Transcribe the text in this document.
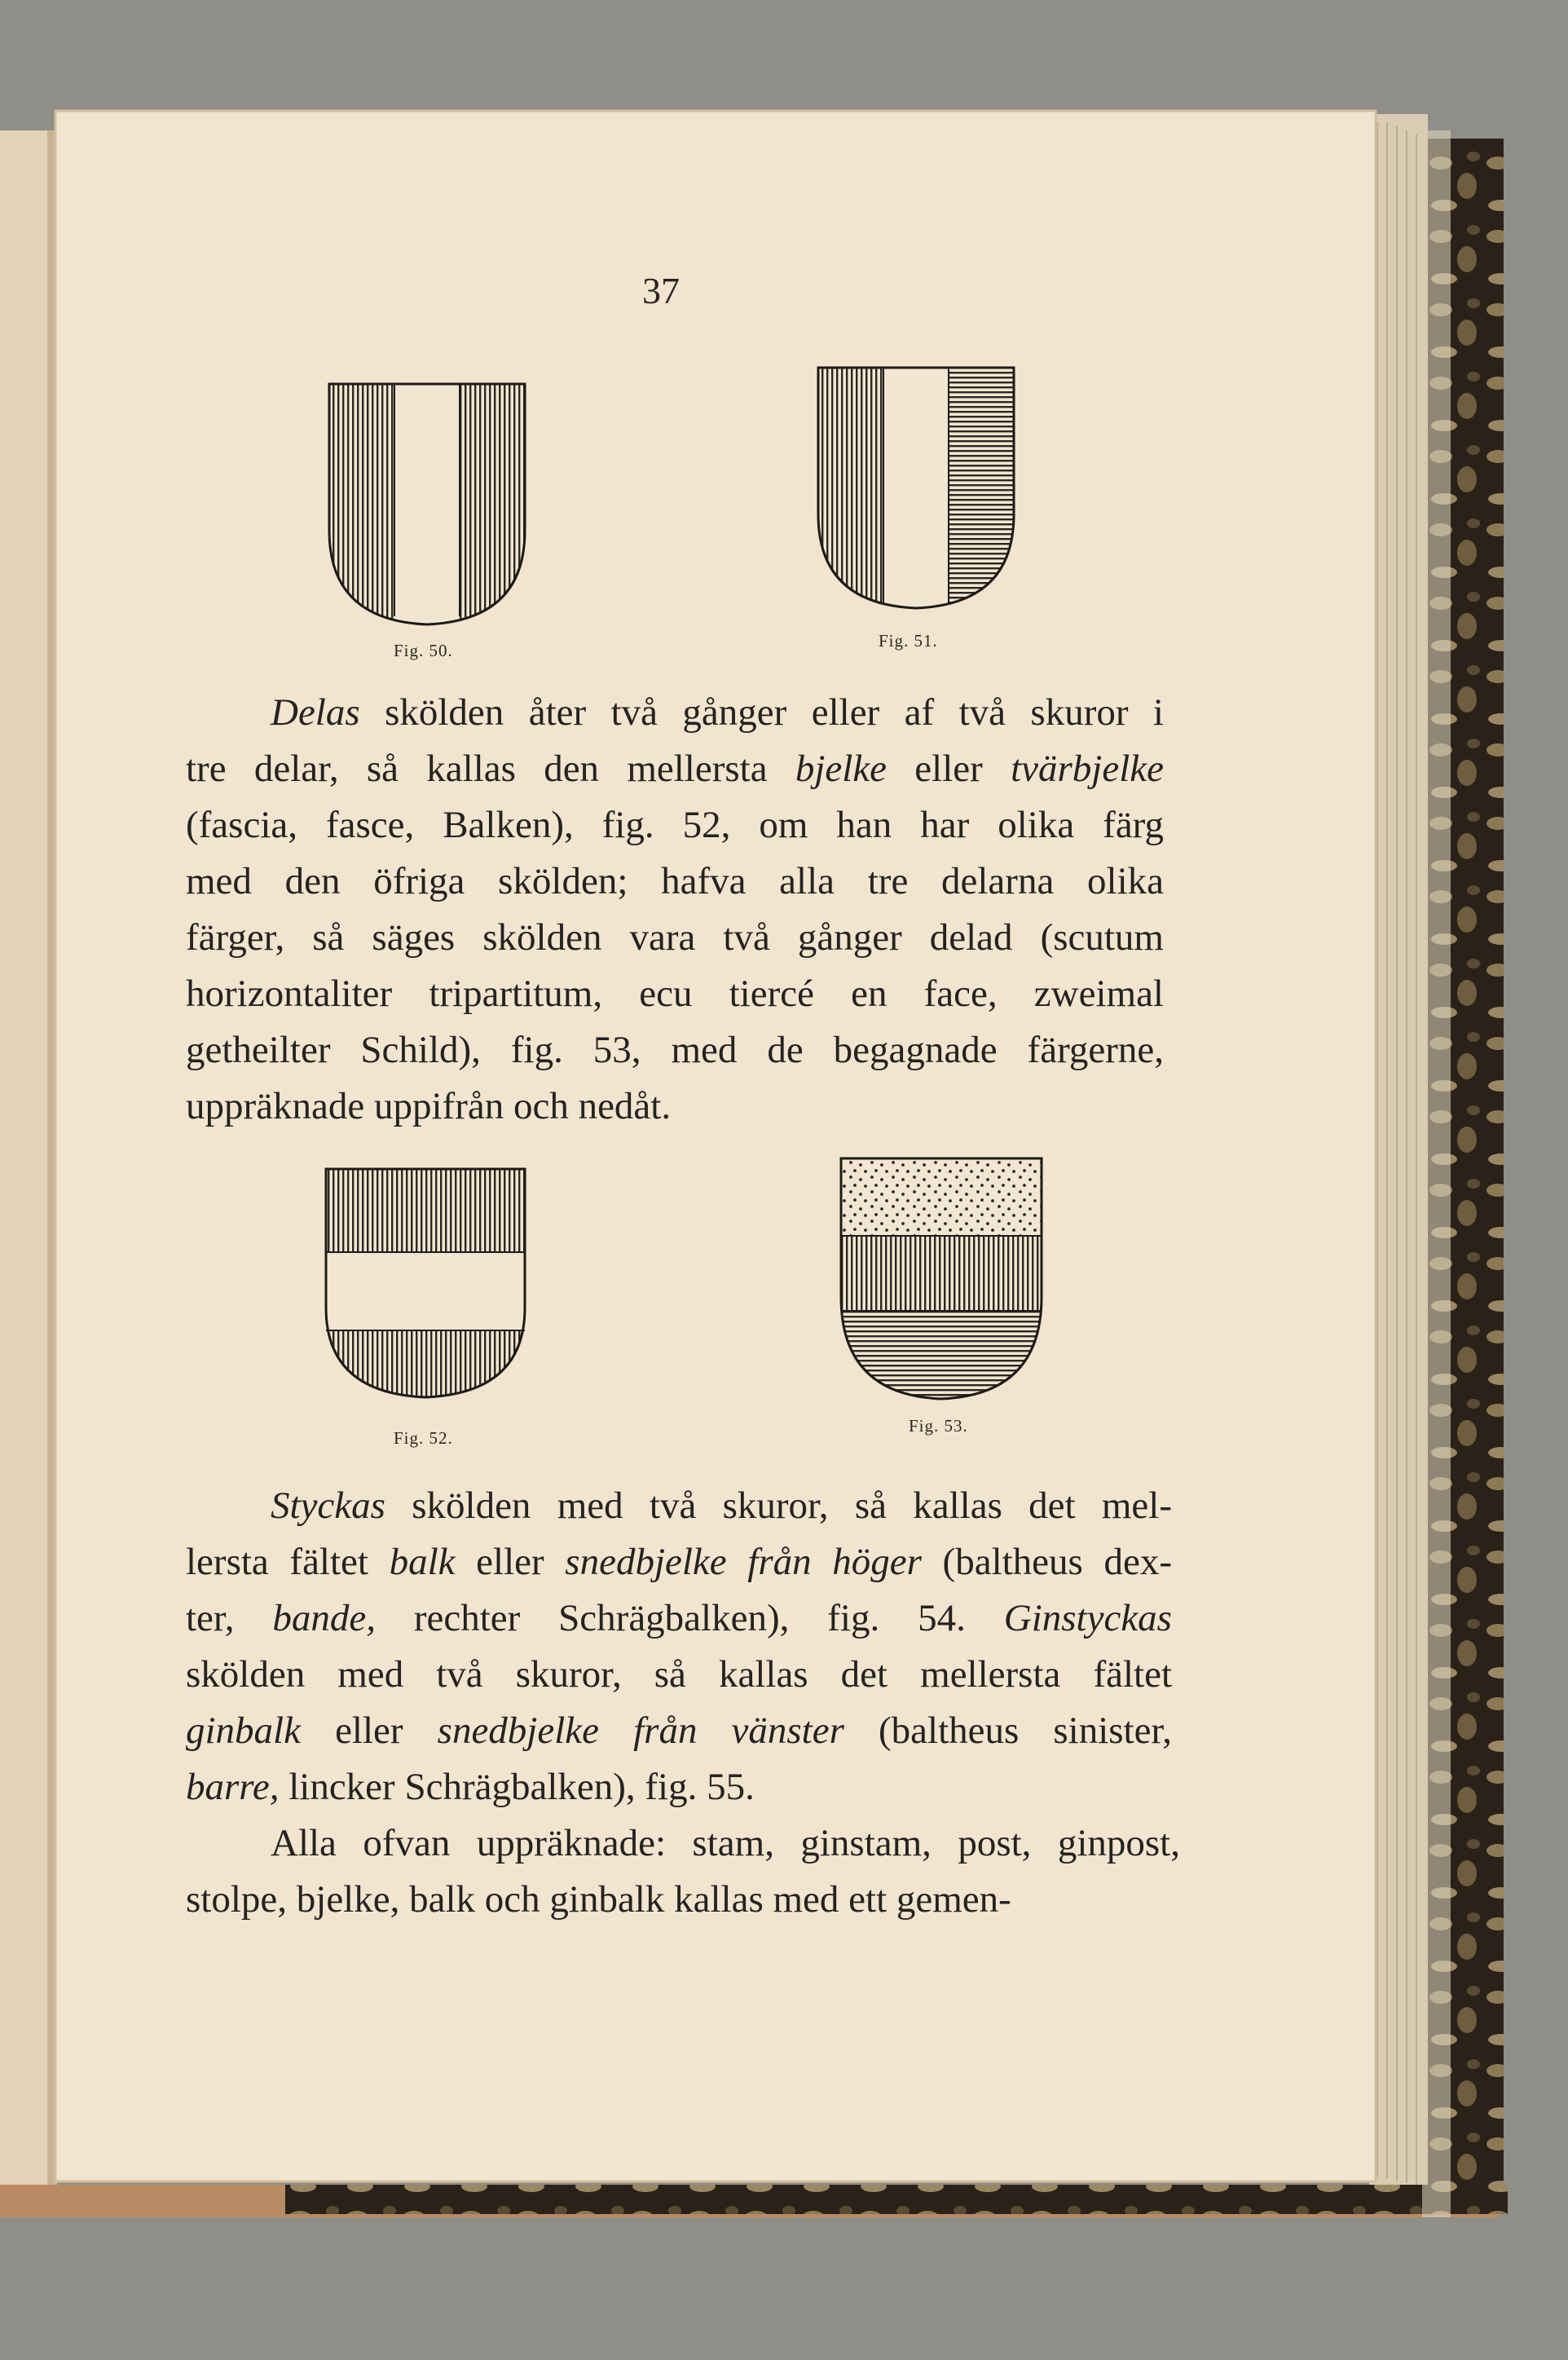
37
Fig. 50.	Fig. 51.
Fig. 52.
Fig. 53.
Delas skölden åter två gånger eller af två skuror i
tre delar, så kallas den mellersta bjelke eller tvärbjelke
(fascia, fasce, Balken), fig. 52, om han har olika färg
med den öfriga skölden; hafva alla tre delarna olika
färger, så säges skölden vara två gånger delad (scutum
horizontaliter tripartitum, ecu tiercé en face, zweimal
getheilter Schild), fig. 53, med de begagnade färgerne,
uppräknade uppifrån och nedåt.
Styckas skölden med två skuror, så kallas det mel-
lersta fältet balk eller snedbjelke från höger (baltheus dex-
ter, bande, rechter Schrägbalken), fig. 54. Ginstyckas
skölden med två skuror, så kallas det mellersta fältet
ginbalk eller snedbjelke från vänster (baltheus sinister,
barre, lincker Schrägbalken), fig. 55.
Alla ofvan uppräknade: stam, ginstam, post, ginpost,
stolpe, bjelke, balk och ginbalk kallas med ett gemen-
